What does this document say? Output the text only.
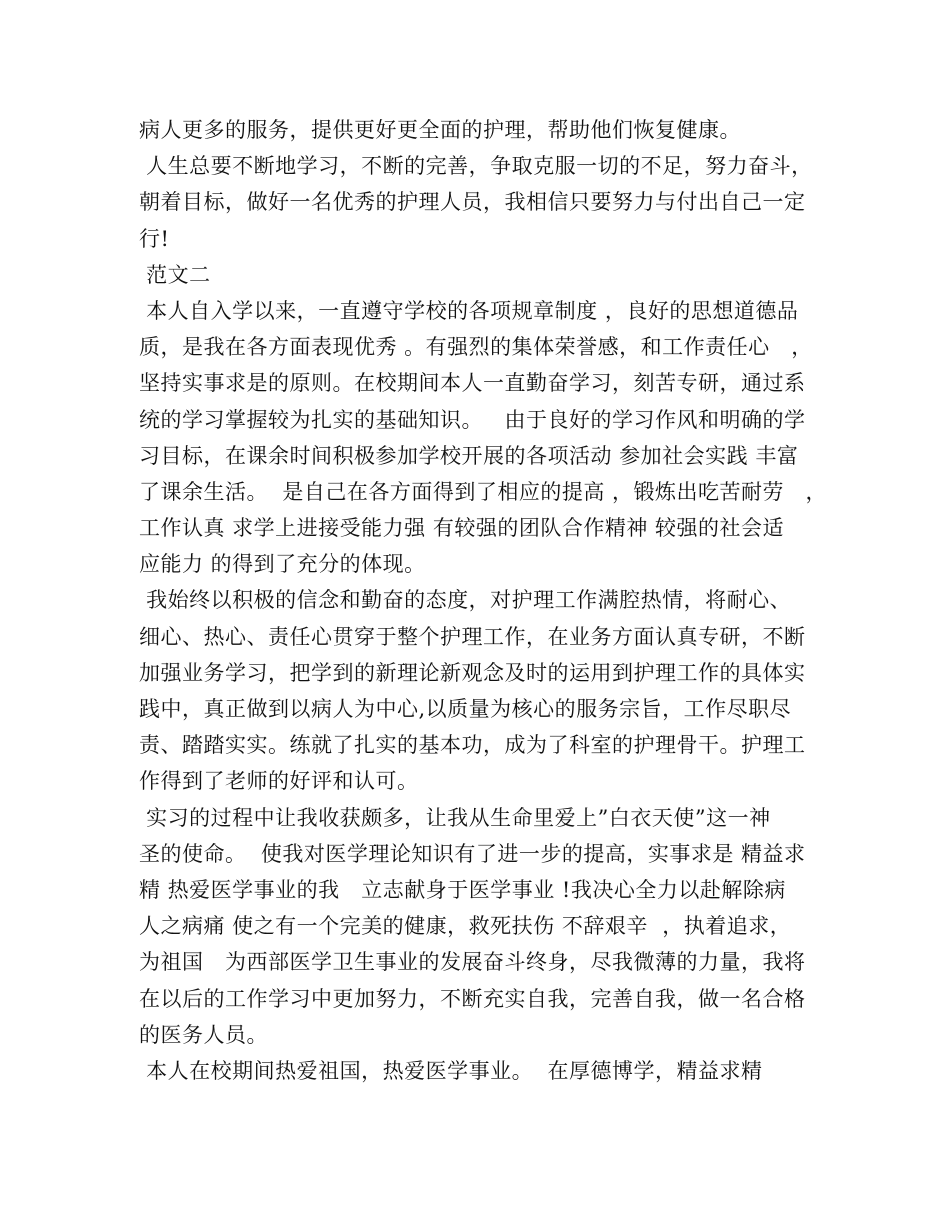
病人更多的服务，提供更好更全面的护理，帮助他们恢复健康。
人生总要不断地学习，不断的完善，争取克服一切的不足，努力奋斗，
朝着目标，做好一名优秀的护理人员，我相信只要努力与付出自己一定
行!
范文二
本人自入学以来，一直遵守学校的各项规章制度 ，良好的思想道德品
质，是我在各方面表现优秀 。有强烈的集体荣誉感，和工作责任心   ，
坚持实事求是的原则。在校期间本人一直勤奋学习，刻苦专研，通过系
统的学习掌握较为扎实的基础知识。   由于良好的学习作风和明确的学
习目标，在课余时间积极参加学校开展的各项活动 参加社会实践 丰富
了课余生活。  是自己在各方面得到了相应的提高 ，锻炼出吃苦耐劳   ，
工作认真 求学上进接受能力强 有较强的团队合作精神 较强的社会适
应能力 的得到了充分的体现。
我始终以积极的信念和勤奋的态度，对护理工作满腔热情，将耐心、
细心、热心、责任心贯穿于整个护理工作，在业务方面认真专研，不断
加强业务学习，把学到的新理论新观念及时的运用到护理工作的具体实
践中，真正做到以病人为中心,以质量为核心的服务宗旨，工作尽职尽
责、踏踏实实。练就了扎实的基本功，成为了科室的护理骨干。护理工
作得到了老师的好评和认可。
实习的过程中让我收获颇多，让我从生命里爱上”白衣天使”这一神
圣的使命。  使我对医学理论知识有了进一步的提高，实事求是 精益求
精 热爱医学事业的我   立志献身于医学事业 !我决心全力以赴解除病
人之病痛 使之有一个完美的健康，救死扶伤 不辞艰辛  ，执着追求，
为祖国   为西部医学卫生事业的发展奋斗终身，尽我微薄的力量，我将
在以后的工作学习中更加努力，不断充实自我，完善自我，做一名合格
的医务人员。
本人在校期间热爱祖国，热爱医学事业。  在厚德博学，精益求精
